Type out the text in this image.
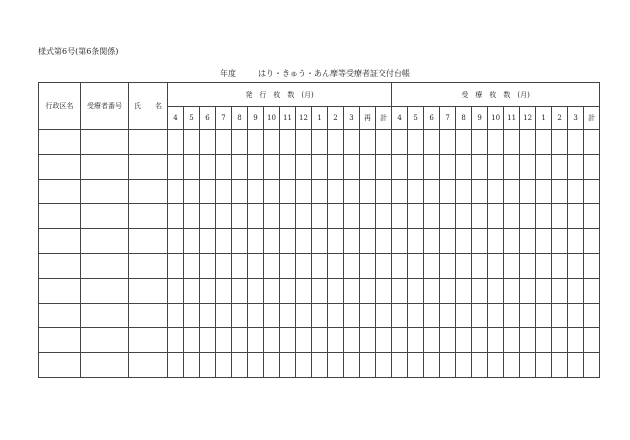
様式第6号(第6条関係)
年度	はり・きゅう・あん摩等受療者証交付台帳
行政区名	受療者番号	氏 名	発　行　枚　数　(月)														受　療　枚　数　(月)												
			4	5	6	7	8	9	10	11	12	1	2	3	再	計	4	5	6	7	8	9	10	11	12	1	2	3	計
